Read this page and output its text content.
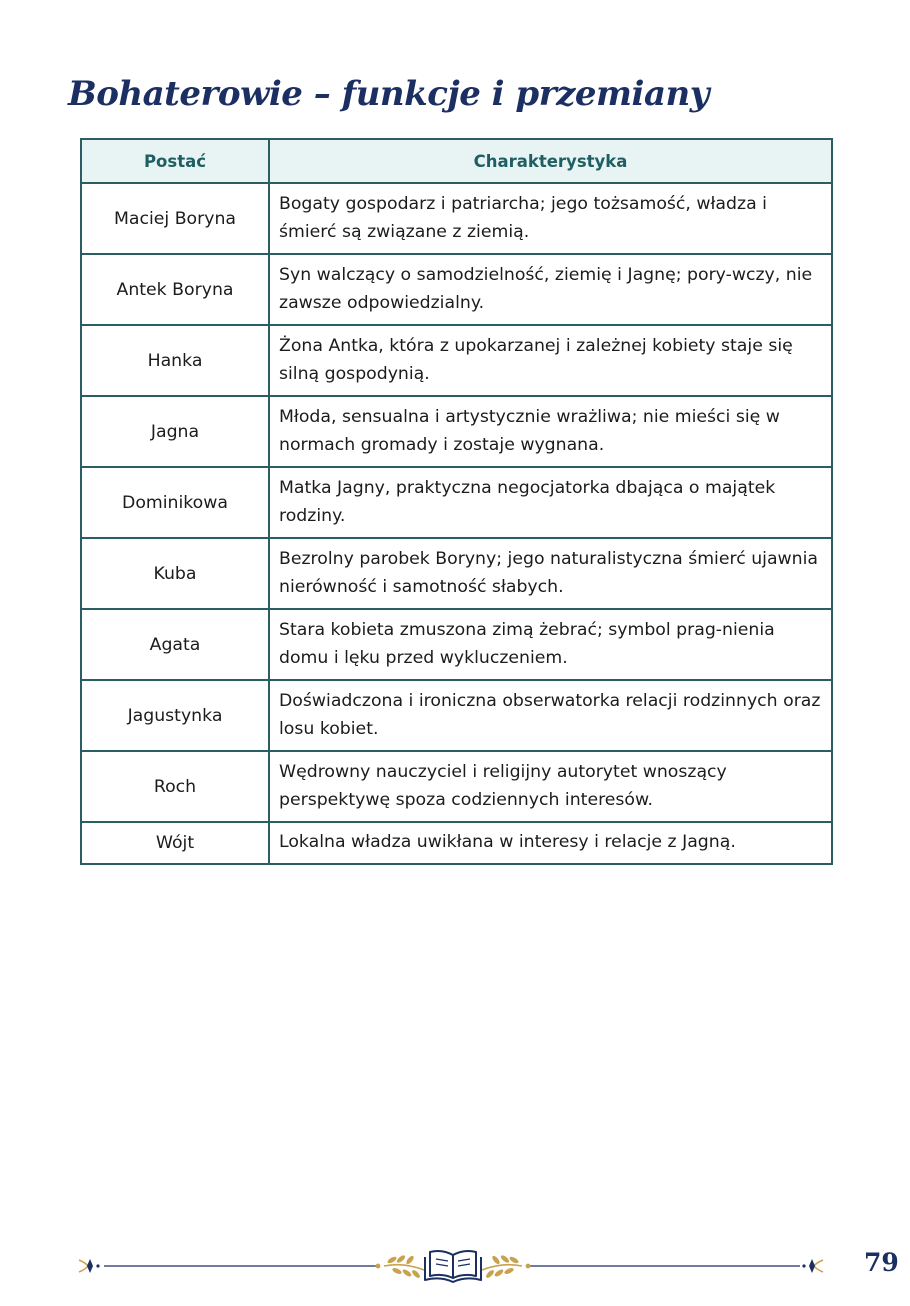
Bohaterowie – funkcje i przemiany
Postać	Charakterystyka
Maciej Boryna	Bogaty gospodarz i patriarcha; jego tożsamość, władza i śmierć są związane z ziemią.
Antek Boryna	Syn walczący o samodzielność, ziemię i Jagnę; pory-wczy, nie zawsze odpowiedzialny.
Hanka	Żona Antka, która z upokarzanej i zależnej kobiety staje się silną gospodynią.
Jagna	Młoda, sensualna i artystycznie wrażliwa; nie mieści się w normach gromady i zostaje wygnana.
Dominikowa	Matka Jagny, praktyczna negocjatorka dbająca o majątek rodziny.
Kuba	Bezrolny parobek Boryny; jego naturalistyczna śmierć ujawnia nierówność i samotność słabych.
Agata	Stara kobieta zmuszona zimą żebrać; symbol prag-nienia domu i lęku przed wykluczeniem.
Jagustynka	Doświadczona i ironiczna obserwatorka relacji rodzinnych oraz losu kobiet.
Roch	Wędrowny nauczyciel i religijny autorytet wnoszący perspektywę spoza codziennych interesów.
Wójt	Lokalna władza uwikłana w interesy i relacje z Jagną.
79
